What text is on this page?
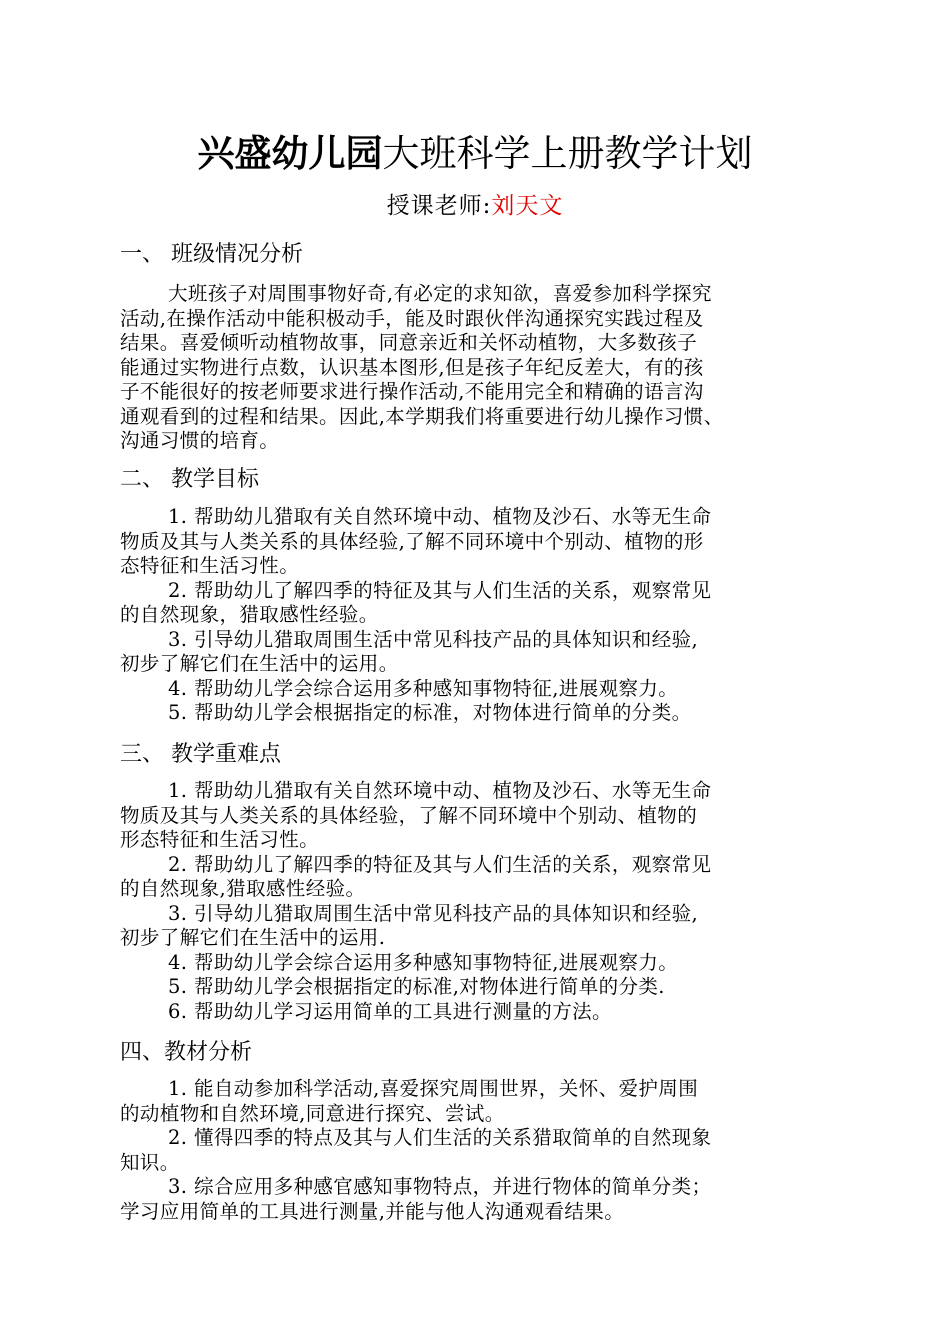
兴盛幼儿园大班科学上册教学计划
授课老师:刘天文
一、 班级情况分析
大班孩子对周围事物好奇,有必定的求知欲，喜爱参加科学探究
活动,在操作活动中能积极动手，能及时跟伙伴沟通探究实践过程及
结果。喜爱倾听动植物故事，同意亲近和关怀动植物，大多数孩子
能通过实物进行点数，认识基本图形,但是孩子年纪反差大，有的孩
子不能很好的按老师要求进行操作活动,不能用完全和精确的语言沟
通观看到的过程和结果。因此,本学期我们将重要进行幼儿操作习惯、
沟通习惯的培育。
二、 教学目标
1. 帮助幼儿猎取有关自然环境中动、植物及沙石、水等无生命
物质及其与人类关系的具体经验,了解不同环境中个别动、植物的形
态特征和生活习性。
2. 帮助幼儿了解四季的特征及其与人们生活的关系，观察常见
的自然现象，猎取感性经验。
3. 引导幼儿猎取周围生活中常见科技产品的具体知识和经验,
初步了解它们在生活中的运用。
4. 帮助幼儿学会综合运用多种感知事物特征,进展观察力。
5. 帮助幼儿学会根据指定的标准，对物体进行简单的分类。
三、 教学重难点
1. 帮助幼儿猎取有关自然环境中动、植物及沙石、水等无生命
物质及其与人类关系的具体经验，了解不同环境中个别动、植物的
形态特征和生活习性。
2. 帮助幼儿了解四季的特征及其与人们生活的关系，观察常见
的自然现象,猎取感性经验。
3. 引导幼儿猎取周围生活中常见科技产品的具体知识和经验,
初步了解它们在生活中的运用.
4. 帮助幼儿学会综合运用多种感知事物特征,进展观察力。
5. 帮助幼儿学会根据指定的标准,对物体进行简单的分类.
6. 帮助幼儿学习运用简单的工具进行测量的方法。
四、教材分析
1. 能自动参加科学活动,喜爱探究周围世界，关怀、爱护周围
的动植物和自然环境,同意进行探究、尝试。
2. 懂得四季的特点及其与人们生活的关系猎取简单的自然现象
知识。
3. 综合应用多种感官感知事物特点，并进行物体的简单分类；
学习应用简单的工具进行测量,并能与他人沟通观看结果。
